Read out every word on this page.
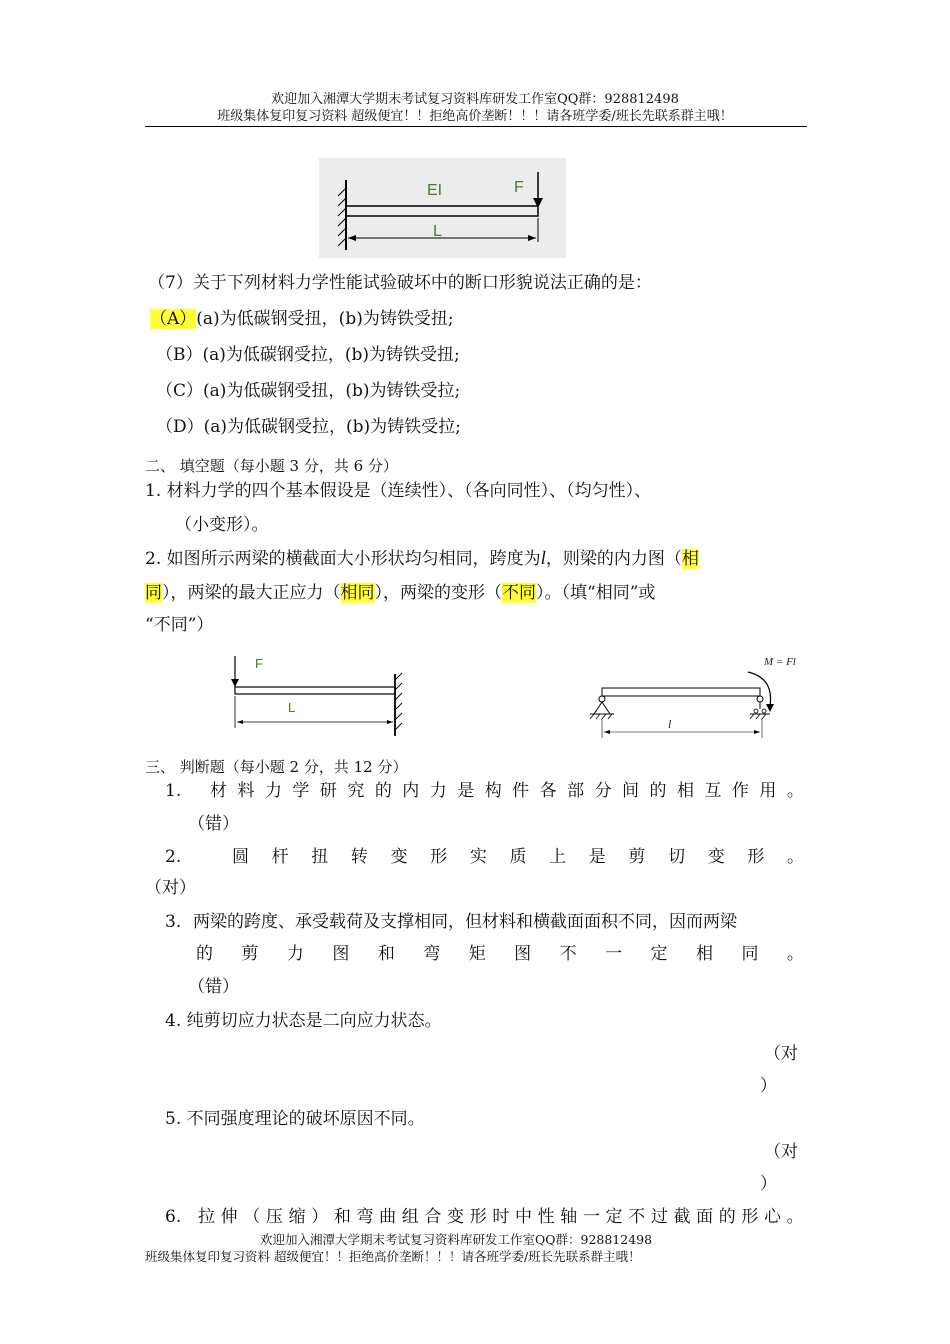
欢迎加入湘潭大学期末考试复习资料库研发工作室QQ群：928812498
班级集体复印复习资料 超级便宜！！拒绝高价垄断！！！请各班学委/班长先联系群主哦！
EI	F
L
（7）关于下列材料力学性能试验破坏中的断口形貌说法正确的是：
（A）(a)为低碳钢受扭，(b)为铸铁受扭;
（B）(a)为低碳钢受拉，(b)为铸铁受扭;
（C）(a)为低碳钢受扭，(b)为铸铁受拉;
（D）(a)为低碳钢受拉，(b)为铸铁受拉;
二、 填空题（每小题 3 分，共 6 分）
1. 材料力学的四个基本假设是（连续性）、（各向同性）、（均匀性）、
（小变形）。
2. 如图所示两梁的横截面大小形状均匀相同，跨度为l，则梁的内力图（相
同），两梁的最大正应力（相同），两梁的变形（不同）。（填“相同”或
“不同”）
F
L
M = Fl
l
三、 判断题（每小题 2 分，共 12 分）
1. 材 料 力 学 研 究 的 内 力 是 构 件 各 部 分 间 的 相 互 作 用 。
（错）
2.	圆 杆 扭 转 变 形 实 质 上 是 剪 切 变 形 。
（对）
3. 两梁的跨度、承受载荷及支撑相同，但材料和横截面面积不同，因而两梁
的 剪 力 图 和 弯 矩 图 不 一 定 相 同 。
（错）
4. 纯剪切应力状态是二向应力状态。
（对
）
5. 不同强度理论的破坏原因不同。
（对
）
6. 拉 伸 （ 压 缩 ） 和 弯 曲 组 合 变 形 时 中 性 轴 一 定 不 过 截 面 的 形 心 。
欢迎加入湘潭大学期末考试复习资料库研发工作室QQ群：928812498
班级集体复印复习资料 超级便宜！！拒绝高价垄断！！！请各班学委/班长先联系群主哦！
